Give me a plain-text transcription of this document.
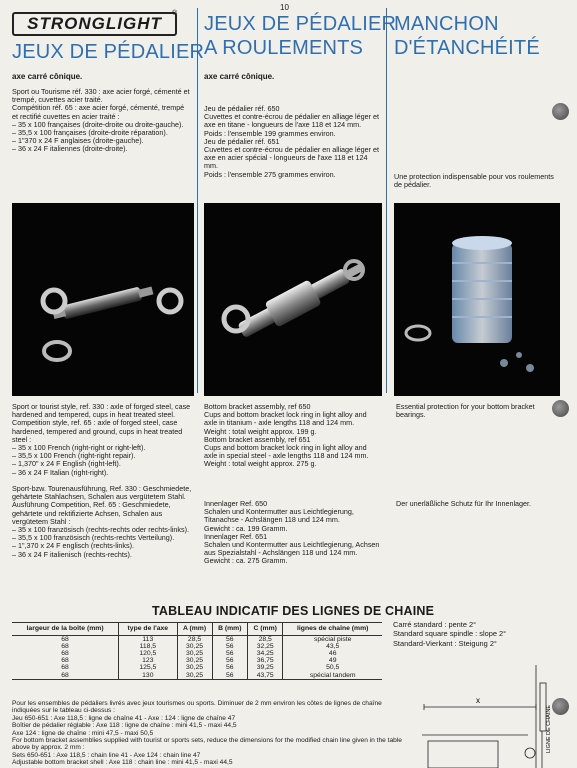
10
STRONGLIGHT
®
JEUX DE PÉDALIER
axe carré cônique.
Sport ou Tourisme réf. 330 : axe acier forgé, cémenté et trempé, cuvettes acier traité.
Compétition réf. 65 : axe acier forgé, cémenté, trempé et rectifié cuvettes en acier traité :
– 35 x 100 françaises (droite-droite ou droite-gauche).
– 35,5 x 100 françaises (droite-droite réparation).
– 1"370 x 24 F anglaises (droite-gauche).
– 36 x 24 F italiennes (droite-droite).
JEUX DE PÉDALIER
A ROULEMENTS
axe carré cônique.
Jeu de pédalier réf. 650
Cuvettes et contre-écrou de pédalier en alliage léger et axe en titane - longueurs de l'axe 118 et 124 mm.
Poids : l'ensemble 199 grammes environ.
Jeu de pédalier réf. 651
Cuvettes et contre-écrou de pédalier en alliage léger et axe en acier spécial - longueurs de l'axe 118 et 124 mm.
Poids : l'ensemble 275 grammes environ.
MANCHON
D'ÉTANCHÉITÉ
Une protection indispensable pour vos roulements de pédalier.
Sport or tourist style, ref. 330 : axle of forged steel, case hardened and tempered, cups in heat treated steel.
Competition style, ref. 65 : axle of forged steel, case hardened, tempered and ground, cups in heat treated steel :
– 35 x 100 French (right-right or right-left).
– 35,5 x 100 French (right-right repair).
– 1,370" x 24 F English (right-left).
– 36 x 24 F Italian (right-right).
Bottom bracket assembly, ref 650
Cups and bottom bracket lock ring in light alloy and axle in titanium - axle lengths 118 and 124 mm.
Weight : total weight approx. 199 g.
Bottom bracket assembly, ref 651
Cups and bottom bracket lock ring in light alloy and axle in special steel - axle lengths 118 and 124 mm.
Weight : total weight approx. 275 g.
Essential protection for your bottom bracket bearings.
Sport-bzw. Tourenausführung, Ref. 330 : Geschmiedete, gehärtete Stahlachsen, Schalen aus vergütetem Stahl.
Ausführung Competition, Ref. 65 : Geschmiedete, gehärtete und rektifizierte Achsen, Schalen aus vergütetem Stahl :
– 35 x 100 französisch (rechts-rechts oder rechts-links).
– 35,5 x 100 französisch (rechts-rechts Verteilung).
– 1",370 x 24 F englisch (rechts-links).
– 36 x 24 F italienisch (rechts-rechts).
Innenlager Ref. 650
Schalen und Kontermutter aus Leichtlegierung, Titanachse - Achslängen 118 und 124 mm.
Gewicht : ca. 199 Gramm.
Innenlager Ref. 651
Schalen und Kontermutter aus Leichtlegierung, Achsen aus Spezialstahl - Achslängen 118 und 124 mm.
Gewicht : ca. 275 Gramm.
Der unerläßliche Schutz für Ihr Innenlager.
TABLEAU INDICATIF DES LIGNES DE CHAINE
largeur de la boîte (mm)	type de l'axe	A (mm)	B (mm)	C (mm)	lignes de chaîne (mm)
68	113	28,5	56	28,5	spécial piste
68	118,5	30,25	56	32,25	43,5
68	120,5	30,25	56	34,25	46
68	123	30,25	56	36,75	49
68	125,5	30,25	56	39,25	50,5
68	130	30,25	56	43,75	spécial tandem
Carré standard : pente 2°
Standard square spindle : slope 2°
Standard-Vierkant : Steigung 2°
x
LIGNE DE CHAINE
Pour les ensembles de pédaliers livrés avec jeux tourismes ou sports. Diminuer de 2 mm environ les côtes de lignes de chaîne indiquées sur le tableau ci-dessus :
Jeu 650-651 : Axe 118,5 : ligne de chaîne 41 - Axe : 124 : ligne de chaîne 47
Boîtier de pédalier réglable : Axe 118 : ligne de chaîne : mini 41,5 - maxi 44,5
Axe 124 : ligne de chaîne : mini 47,5 - maxi 50,5
For bottom bracket assemblies supplied with tourist or sports sets, reduce the dimensions for the modified chain line given in the table above by approx. 2 mm :
Sets 650-651 : Axe 118,5 : chain line 41 - Axe 124 : chain line 47
Adjustable bottom bracket shell : Axe 118 : chain line : mini 41,5 - maxi 44,5
